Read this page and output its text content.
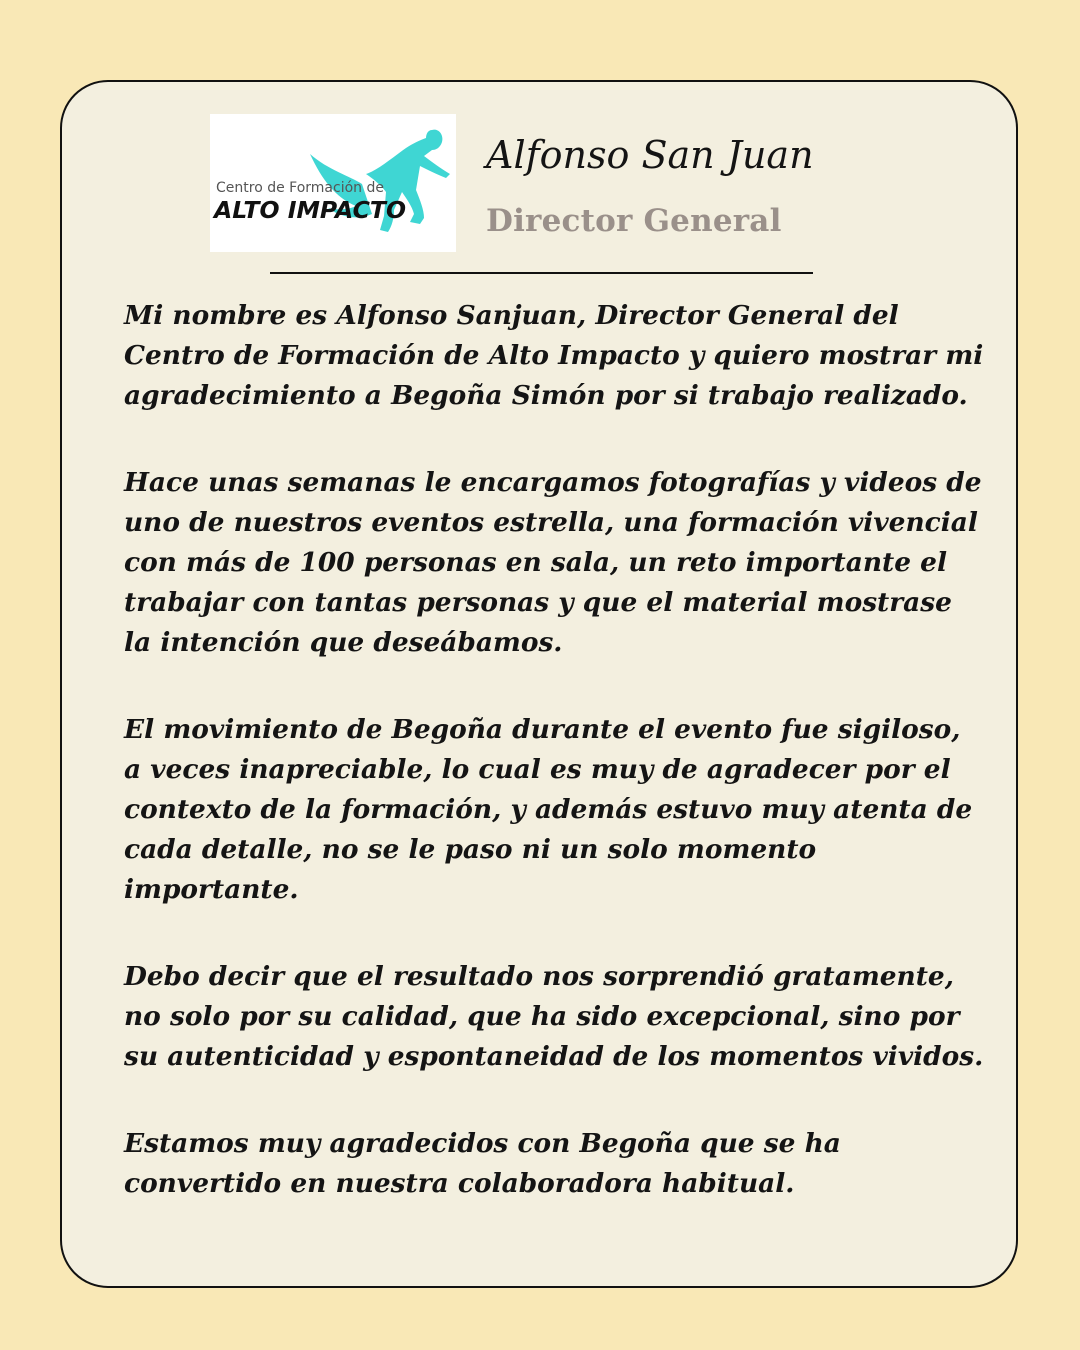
Centro de Formación de
ALTO IMPACTO
Alfonso San Juan
Director General

Mi nombre es Alfonso Sanjuan, Director General del Centro de Formación de Alto Impacto y quiero mostrar mi agradecimiento a Begoña Simón por si trabajo realizado.

Hace unas semanas le encargamos fotografías y videos de uno de nuestros eventos estrella, una formación vivencial con más de 100 personas en sala, un reto importante el trabajar con tantas personas y que el material mostrase la intención que deseábamos.

El movimiento de Begoña durante el evento fue sigiloso, a veces inapreciable, lo cual es muy de agradecer por el contexto de la formación, y además estuvo muy atenta de cada detalle, no se le paso ni un solo momento importante.

Debo decir que el resultado nos sorprendió gratamente, no solo por su calidad, que ha sido excepcional, sino por su autenticidad y espontaneidad de los momentos vividos.

Estamos muy agradecidos con Begoña que se ha convertido en nuestra colaboradora habitual.
